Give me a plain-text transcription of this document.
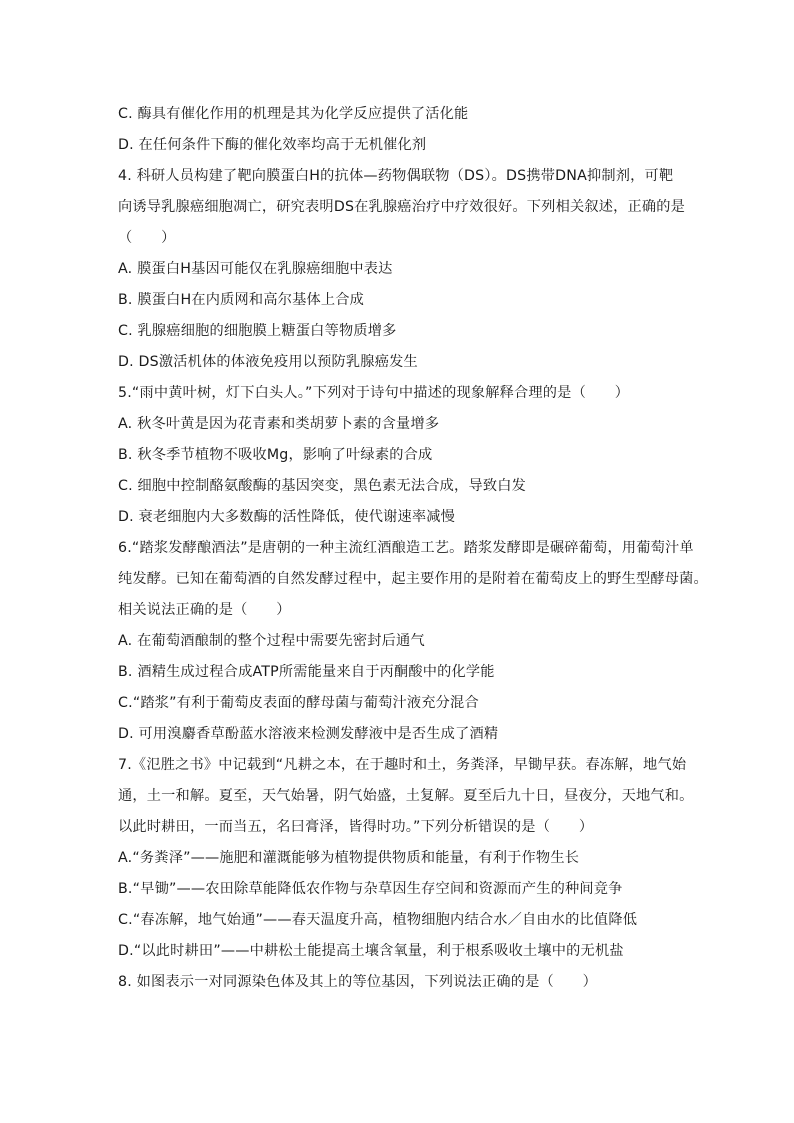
C. 酶具有催化作用的机理是其为化学反应提供了活化能
D. 在任何条件下酶的催化效率均高于无机催化剂
4. 科研人员构建了靶向膜蛋白H的抗体—药物偶联物（DS）。DS携带DNA抑制剂，可靶
向诱导乳腺癌细胞凋亡，研究表明DS在乳腺癌治疗中疗效很好。下列相关叙述，正确的是
（　　）
A. 膜蛋白H基因可能仅在乳腺癌细胞中表达
B. 膜蛋白H在内质网和高尔基体上合成
C. 乳腺癌细胞的细胞膜上糖蛋白等物质增多
D. DS激活机体的体液免疫用以预防乳腺癌发生
5.“雨中黄叶树，灯下白头人。”下列对于诗句中描述的现象解释合理的是（　　）
A. 秋冬叶黄是因为花青素和类胡萝卜素的含量增多
B. 秋冬季节植物不吸收Mg，影响了叶绿素的合成
C. 细胞中控制酪氨酸酶的基因突变，黑色素无法合成，导致白发
D. 衰老细胞内大多数酶的活性降低，使代谢速率减慢
6.“踏浆发酵酿酒法”是唐朝的一种主流红酒酿造工艺。踏浆发酵即是碾碎葡萄，用葡萄汁单
纯发酵。已知在葡萄酒的自然发酵过程中，起主要作用的是附着在葡萄皮上的野生型酵母菌。
相关说法正确的是（　　）
A. 在葡萄酒酿制的整个过程中需要先密封后通气
B. 酒精生成过程合成ATP所需能量来自于丙酮酸中的化学能
C.“踏浆”有利于葡萄皮表面的酵母菌与葡萄汁液充分混合
D. 可用溴麝香草酚蓝水溶液来检测发酵液中是否生成了酒精
7.《氾胜之书》中记载到“凡耕之本，在于趣时和土，务粪泽，早锄早获。春冻解，地气始
通，土一和解。夏至，天气始暑，阴气始盛，土复解。夏至后九十日，昼夜分，天地气和。
以此时耕田，一而当五，名曰膏泽，皆得时功。”下列分析错误的是（　　）
A.“务粪泽”——施肥和灌溉能够为植物提供物质和能量，有利于作物生长
B.“早锄”——农田除草能降低农作物与杂草因生存空间和资源而产生的种间竞争
C.“春冻解，地气始通”——春天温度升高，植物细胞内结合水／自由水的比值降低
D.“以此时耕田”——中耕松土能提高土壤含氧量，利于根系吸收土壤中的无机盐
8. 如图表示一对同源染色体及其上的等位基因，下列说法正确的是（　　）
